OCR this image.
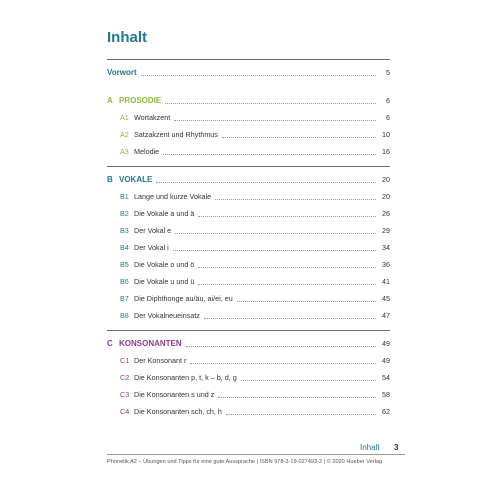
Inhalt
Vorwort	5
A PROSODIE	6
A1 Wortakzent	6
A2 Satzakzent und Rhythmus	10
A3 Melodie	16
B VOKALE	20
B1 Lange und kurze Vokale	20
B2 Die Vokale a und ä	26
B3 Der Vokal e	29
B4 Der Vokal i	34
B5 Die Vokale o und ö	36
B6 Die Vokale u und ü	41
B7 Die Diphthonge au/äu, ai/ei, eu	45
B8 Der Vokalneueinsatz	47
C KONSONANTEN	49
C1 Der Konsonant r	49
C2 Die Konsonanten p, t, k – b, d, g	54
C3 Die Konsonanten s und z	58
C4 Die Konsonanten sch, ch, h	62
Inhalt 3
Phonetik A2 – Übungen und Tipps für eine gute Aussprache | ISBN 978-3-19-027493-2 | © 2020 Hueber Verlag
